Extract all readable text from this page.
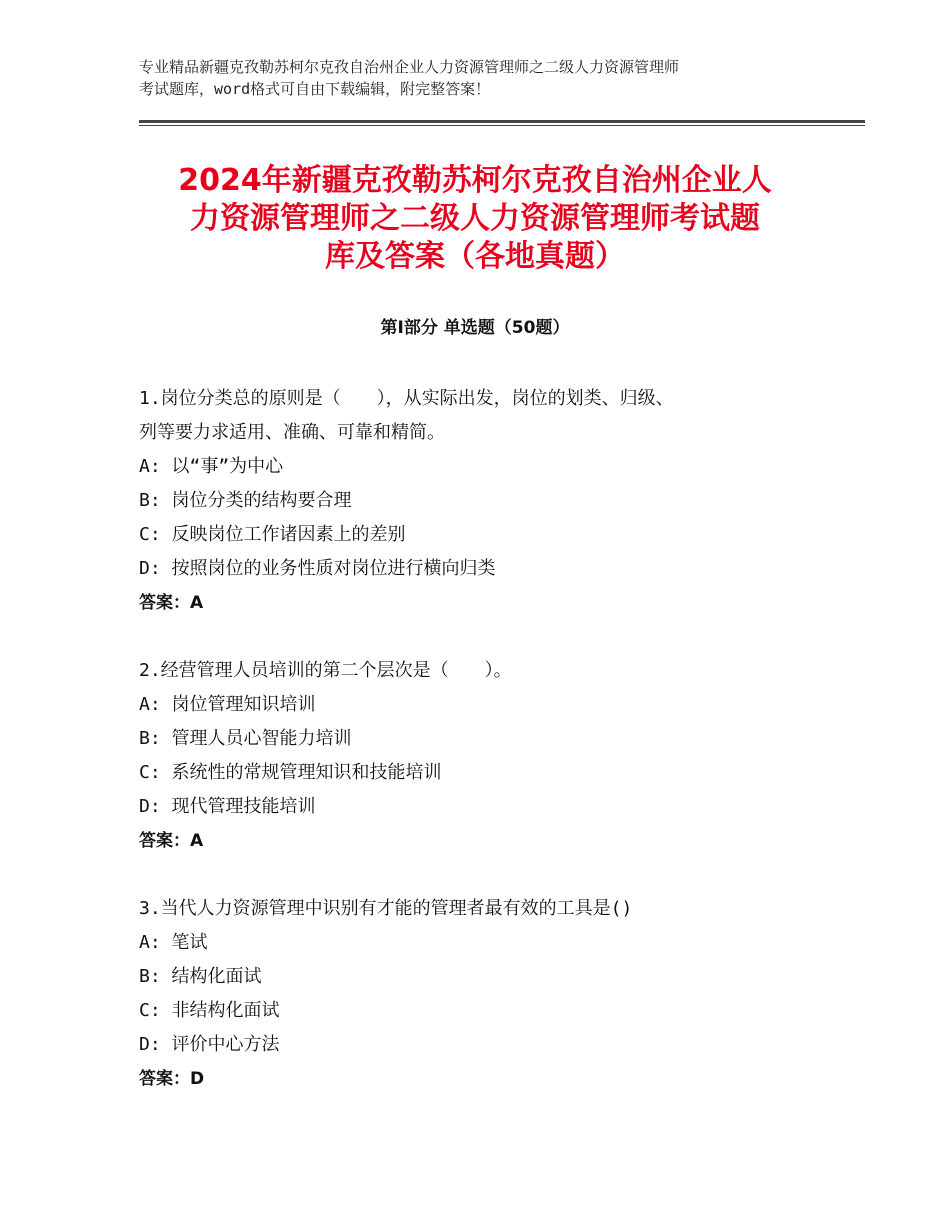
专业精品新疆克孜勒苏柯尔克孜自治州企业人力资源管理师之二级人力资源管理师
考试题库，word格式可自由下载编辑，附完整答案！
2024年新疆克孜勒苏柯尔克孜自治州企业人
力资源管理师之二级人力资源管理师考试题
库及答案（各地真题）
第Ⅰ部分 单选题（50题）
1.岗位分类总的原则是（　　），从实际出发，岗位的划类、归级、
列等要力求适用、准确、可靠和精简。
A: 以“事”为中心
B: 岗位分类的结构要合理
C: 反映岗位工作诸因素上的差别
D: 按照岗位的业务性质对岗位进行横向归类
答案：A
2.经营管理人员培训的第二个层次是（　　）。
A: 岗位管理知识培训
B: 管理人员心智能力培训
C: 系统性的常规管理知识和技能培训
D: 现代管理技能培训
答案：A
3.当代人力资源管理中识别有才能的管理者最有效的工具是()
A: 笔试
B: 结构化面试
C: 非结构化面试
D: 评价中心方法
答案：D
